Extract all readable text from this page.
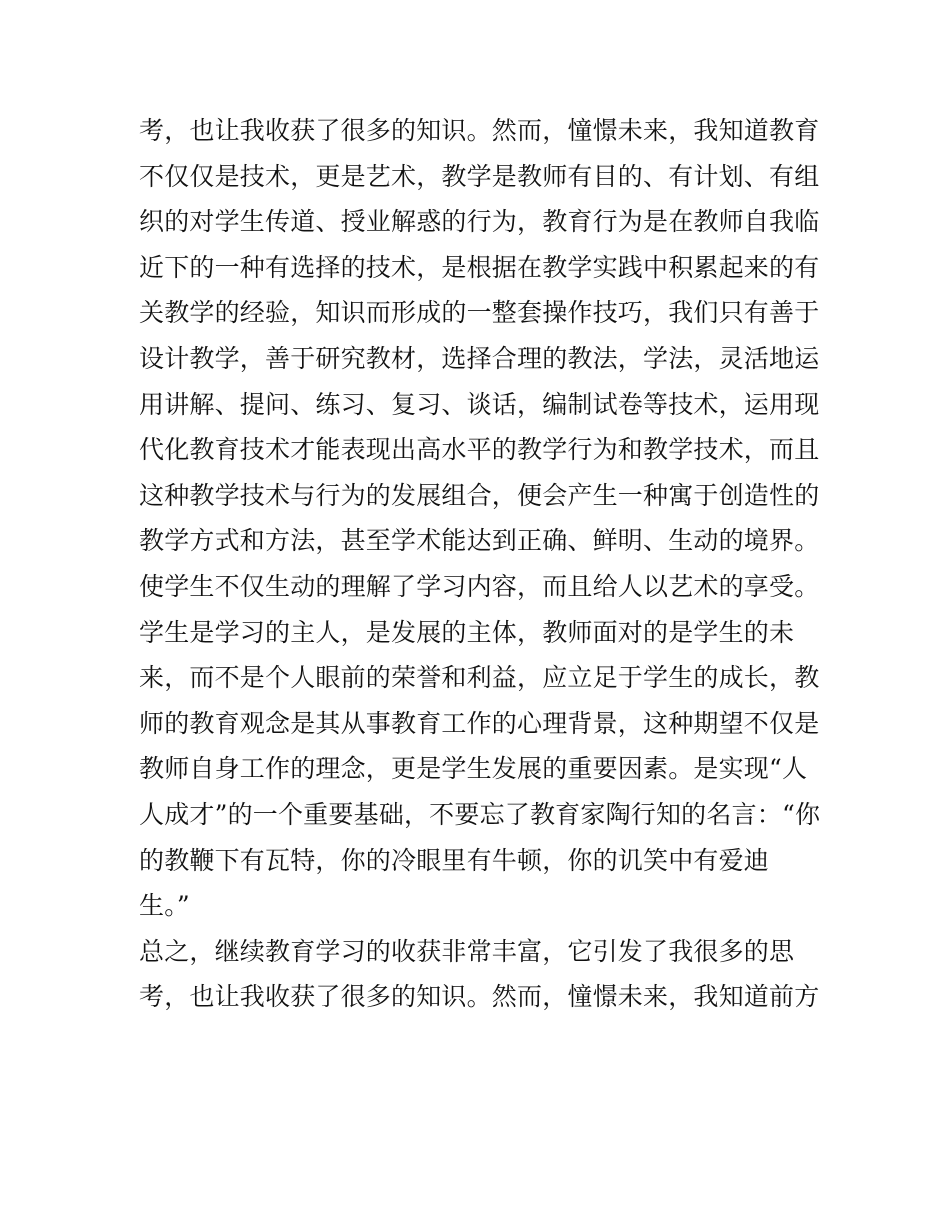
考，也让我收获了很多的知识。然而，憧憬未来，我知道教育
不仅仅是技术，更是艺术，教学是教师有目的、有计划、有组
织的对学生传道、授业解惑的行为，教育行为是在教师自我临
近下的一种有选择的技术，是根据在教学实践中积累起来的有
关教学的经验，知识而形成的一整套操作技巧，我们只有善于
设计教学，善于研究教材，选择合理的教法，学法，灵活地运
用讲解、提问、练习、复习、谈话，编制试卷等技术，运用现
代化教育技术才能表现出高水平的教学行为和教学技术，而且
这种教学技术与行为的发展组合，便会产生一种寓于创造性的
教学方式和方法，甚至学术能达到正确、鲜明、生动的境界。
使学生不仅生动的理解了学习内容，而且给人以艺术的享受。
学生是学习的主人，是发展的主体，教师面对的是学生的未
来，而不是个人眼前的荣誉和利益，应立足于学生的成长，教
师的教育观念是其从事教育工作的心理背景，这种期望不仅是
教师自身工作的理念，更是学生发展的重要因素。是实现“人
人成才”的一个重要基础，不要忘了教育家陶行知的名言：“你
的教鞭下有瓦特，你的冷眼里有牛顿，你的讥笑中有爱迪
生。”
总之，继续教育学习的收获非常丰富，它引发了我很多的思
考，也让我收获了很多的知识。然而，憧憬未来，我知道前方
